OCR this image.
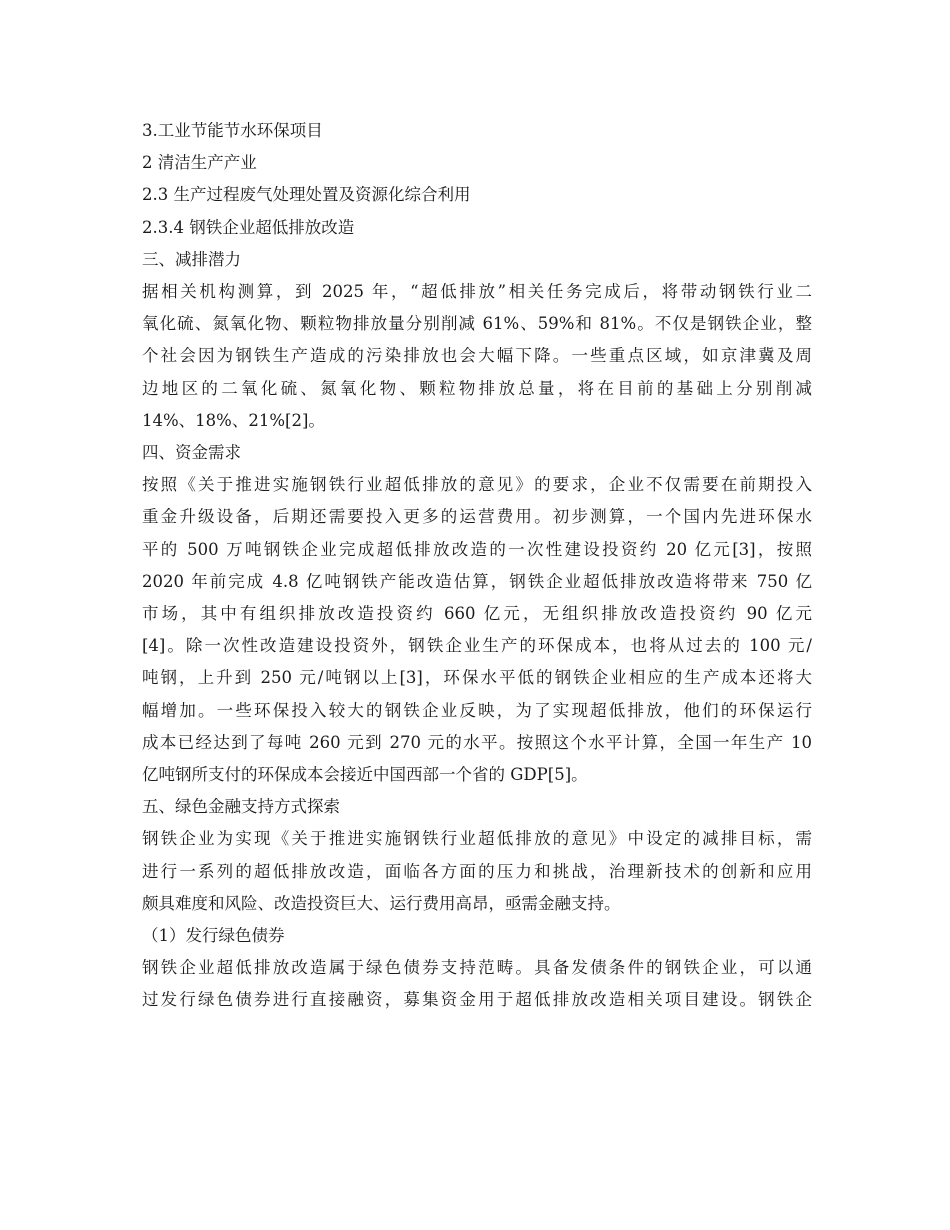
3.工业节能节水环保项目
2 清洁生产产业
2.3 生产过程废气处理处置及资源化综合利用
2.3.4 钢铁企业超低排放改造
三、减排潜力
据相关机构测算，到 2025 年，“超低排放”相关任务完成后，将带动钢铁行业二
氧化硫、氮氧化物、颗粒物排放量分别削减 61%、59%和 81%。不仅是钢铁企业，整
个社会因为钢铁生产造成的污染排放也会大幅下降。一些重点区域，如京津冀及周
边地区的二氧化硫、氮氧化物、颗粒物排放总量，将在目前的基础上分别削减
14%、18%、21%[2]。
四、资金需求
按照《关于推进实施钢铁行业超低排放的意见》的要求，企业不仅需要在前期投入
重金升级设备，后期还需要投入更多的运营费用。初步测算，一个国内先进环保水
平的 500 万吨钢铁企业完成超低排放改造的一次性建设投资约 20 亿元[3]，按照
2020 年前完成 4.8 亿吨钢铁产能改造估算，钢铁企业超低排放改造将带来 750 亿
市场，其中有组织排放改造投资约 660 亿元，无组织排放改造投资约 90 亿元
[4]。除一次性改造建设投资外，钢铁企业生产的环保成本，也将从过去的 100 元/
吨钢，上升到 250 元/吨钢以上[3]，环保水平低的钢铁企业相应的生产成本还将大
幅增加。一些环保投入较大的钢铁企业反映，为了实现超低排放，他们的环保运行
成本已经达到了每吨 260 元到 270 元的水平。按照这个水平计算，全国一年生产 10
亿吨钢所支付的环保成本会接近中国西部一个省的 GDP[5]。
五、绿色金融支持方式探索
钢铁企业为实现《关于推进实施钢铁行业超低排放的意见》中设定的减排目标，需
进行一系列的超低排放改造，面临各方面的压力和挑战，治理新技术的创新和应用
颇具难度和风险、改造投资巨大、运行费用高昂，亟需金融支持。
（1）发行绿色债券
钢铁企业超低排放改造属于绿色债券支持范畴。具备发债条件的钢铁企业，可以通
过发行绿色债券进行直接融资，募集资金用于超低排放改造相关项目建设。钢铁企
